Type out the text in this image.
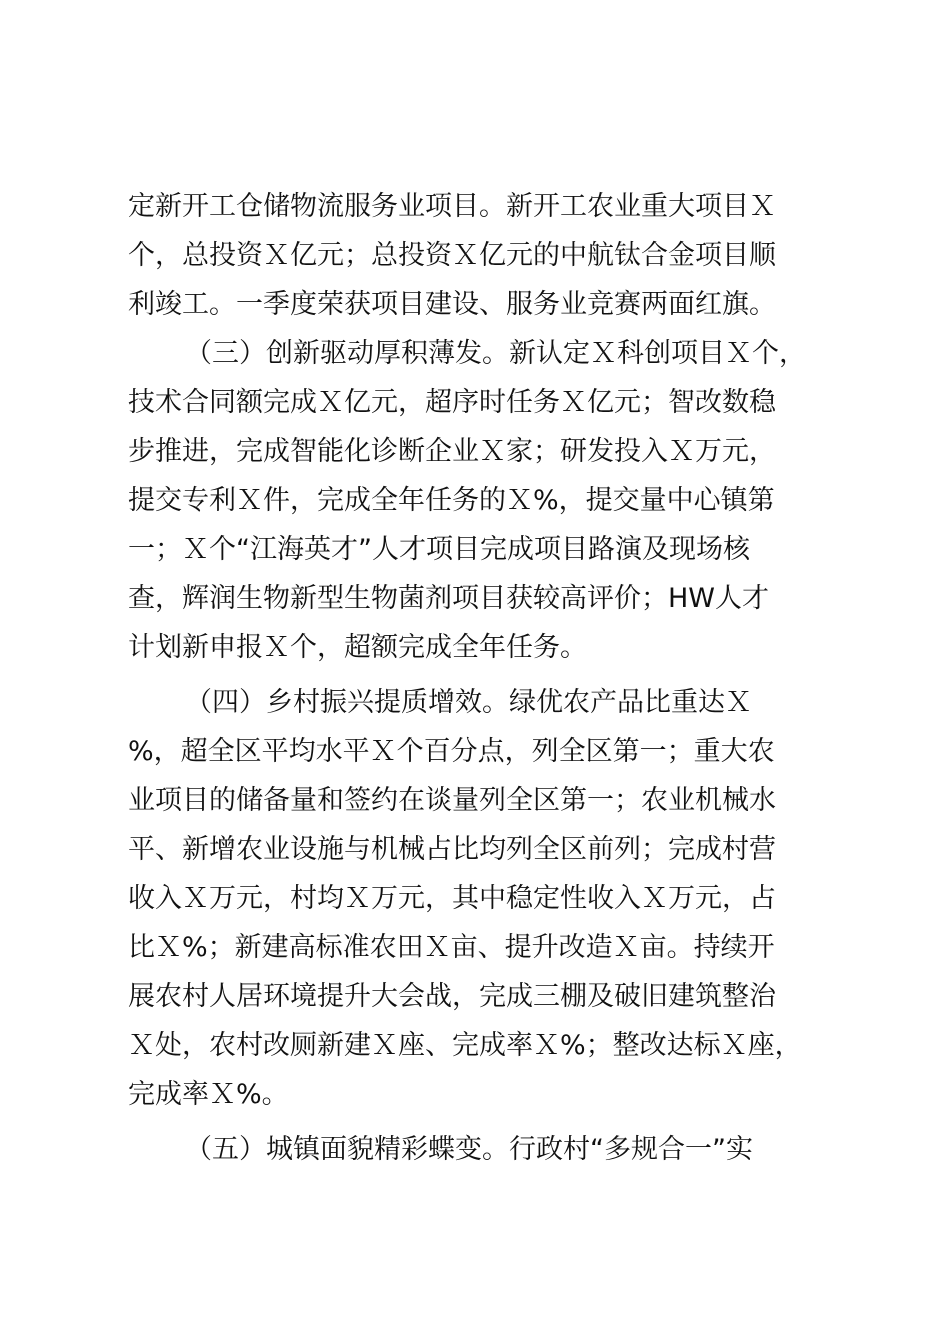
定新开工仓储物流服务业项目。新开工农业重大项目Ｘ
个，总投资Ｘ亿元；总投资Ｘ亿元的中航钛合金项目顺
利竣工。一季度荣获项目建设、服务业竞赛两面红旗。
（三）创新驱动厚积薄发。新认定Ｘ科创项目Ｘ个，
技术合同额完成Ｘ亿元，超序时任务Ｘ亿元；智改数稳
步推进，完成智能化诊断企业Ｘ家；研发投入Ｘ万元，
提交专利Ｘ件，完成全年任务的Ｘ%，提交量中心镇第
一；Ｘ个“江海英才”人才项目完成项目路演及现场核
查，辉润生物新型生物菌剂项目获较高评价；HW人才
计划新申报Ｘ个，超额完成全年任务。
（四）乡村振兴提质增效。绿优农产品比重达Ｘ
%，超全区平均水平Ｘ个百分点，列全区第一；重大农
业项目的储备量和签约在谈量列全区第一；农业机械水
平、新增农业设施与机械占比均列全区前列；完成村营
收入Ｘ万元，村均Ｘ万元，其中稳定性收入Ｘ万元，占
比Ｘ%；新建高标准农田Ｘ亩、提升改造Ｘ亩。持续开
展农村人居环境提升大会战，完成三棚及破旧建筑整治
Ｘ处，农村改厕新建Ｘ座、完成率Ｘ%；整改达标Ｘ座，
完成率Ｘ%。
（五）城镇面貌精彩蝶变。行政村“多规合一”实
